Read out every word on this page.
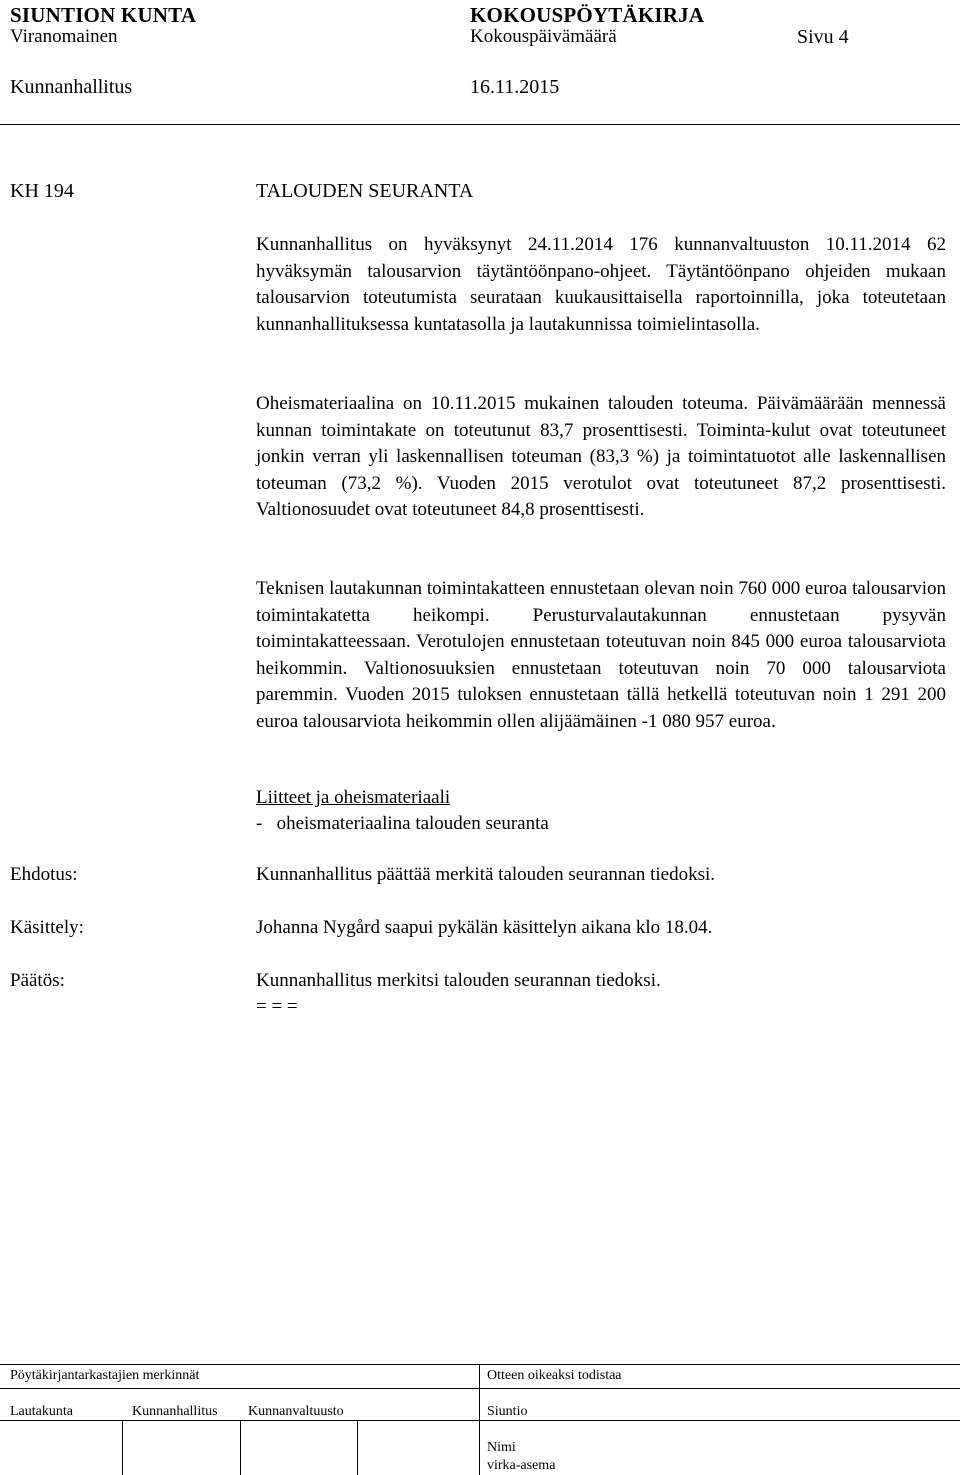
SIUNTION KUNTA	KOKOUSPÖYTÄKIRJA
Viranomainen	Kokouspäivämäärä	Sivu 4
Kunnanhallitus	16.11.2015
KH 194	TALOUDEN SEURANTA

Kunnanhallitus on hyväksynyt 24.11.2014 176 kunnanvaltuuston 10.11.2014 62 hyväksymän talousarvion täytäntöönpano-ohjeet. Täytäntöönpano ohjeiden mukaan talousarvion toteutumista seurataan kuukausittaisella raportoinnilla, joka toteutetaan kunnanhallituksessa kuntatasolla ja lautakunnissa toimielintasolla.

Oheismateriaalina on 10.11.2015 mukainen talouden toteuma. Päivämäärään mennessä kunnan toimintakate on toteutunut 83,7 prosenttisesti. Toiminta-kulut ovat toteutuneet jonkin verran yli laskennallisen toteuman (83,3 %) ja toimintatuotot alle laskennallisen toteuman (73,2 %). Vuoden 2015 verotulot ovat toteutuneet 87,2 prosenttisesti. Valtionosuudet ovat toteutuneet 84,8 prosenttisesti.

Teknisen lautakunnan toimintakatteen ennustetaan olevan noin 760 000 euroa talousarvion toimintakatetta heikompi. Perusturvalautakunnan ennustetaan pysyvän toimintakatteessaan. Verotulojen ennustetaan toteutuvan noin 845 000 euroa talousarviota heikommin. Valtionosuuksien ennustetaan toteutuvan noin 70 000 talousarviota paremmin. Vuoden 2015 tuloksen ennustetaan tällä hetkellä toteutuvan noin 1 291 200 euroa talousarviota heikommin ollen alijäämäinen -1 080 957 euroa.

Liitteet ja oheismateriaali
-   oheismateriaalina talouden seuranta
Ehdotus:	Kunnanhallitus päättää merkitä talouden seurannan tiedoksi.
Käsittely:	Johanna Nygård saapui pykälän käsittelyn aikana klo 18.04.
Päätös:	Kunnanhallitus merkitsi talouden seurannan tiedoksi.
= = =
Pöytäkirjantarkastajien merkinnät	Otteen oikeaksi todistaa
Lautakunta	Kunnanhallitus Kunnanvaltuusto	Siuntio
Nimi
virka-asema
